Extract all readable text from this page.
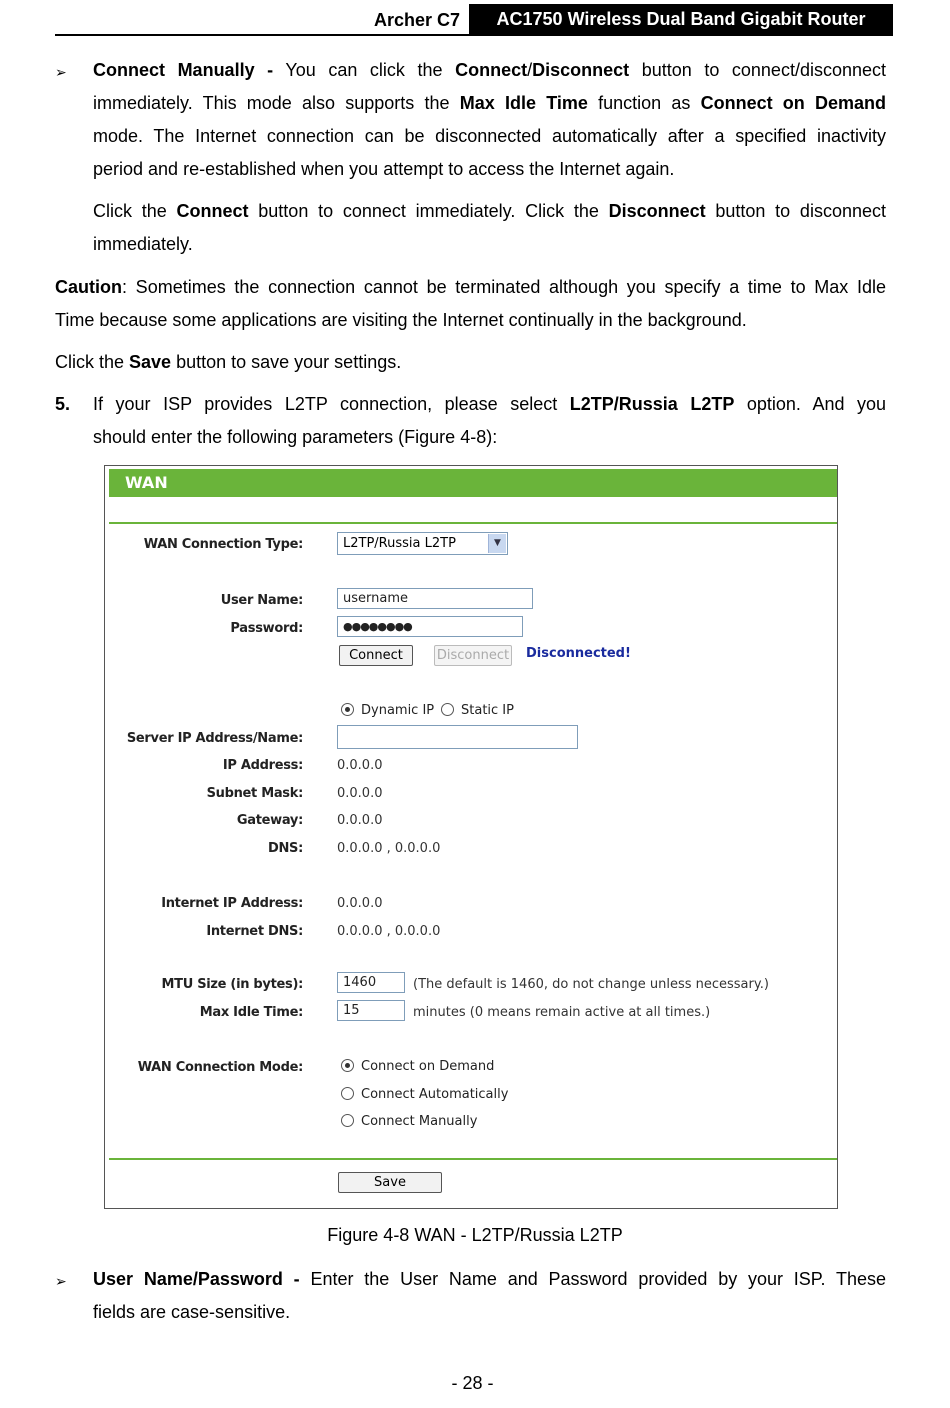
Archer C7	AC1750 Wireless Dual Band Gigabit Router
➢ Connect Manually - You can click the Connect/Disconnect button to connect/disconnect
immediately. This mode also supports the Max Idle Time function as Connect on Demand
mode. The Internet connection can be disconnected automatically after a specified inactivity
period and re-established when you attempt to access the Internet again.
Click the Connect button to connect immediately. Click the Disconnect button to disconnect
immediately.
Caution: Sometimes the connection cannot be terminated although you specify a time to Max Idle
Time because some applications are visiting the Internet continually in the background.
Click the Save button to save your settings.
5. If your ISP provides L2TP connection, please select L2TP/Russia L2TP option. And you
should enter the following parameters (Figure 4-8):
WAN
WAN Connection Type:	L2TP/Russia L2TP	▼
User Name:	username
Password:	●●●●●●●●
Connect	Disconnect Disconnected!
Dynamic IP	Static IP
Server IP Address/Name:
IP Address:	0.0.0.0
Subnet Mask:	0.0.0.0
Gateway:	0.0.0.0
DNS:	0.0.0.0 , 0.0.0.0
Internet IP Address:	0.0.0.0
Internet DNS:	0.0.0.0 , 0.0.0.0
MTU Size (in bytes):	1460	(The default is 1460, do not change unless necessary.)
Max Idle Time:	15	minutes (0 means remain active at all times.)
WAN Connection Mode:	Connect on Demand
Connect Automatically
Connect Manually
Save
Figure 4-8 WAN - L2TP/Russia L2TP
➢ User Name/Password - Enter the User Name and Password provided by your ISP. These
fields are case-sensitive.
- 28 -
